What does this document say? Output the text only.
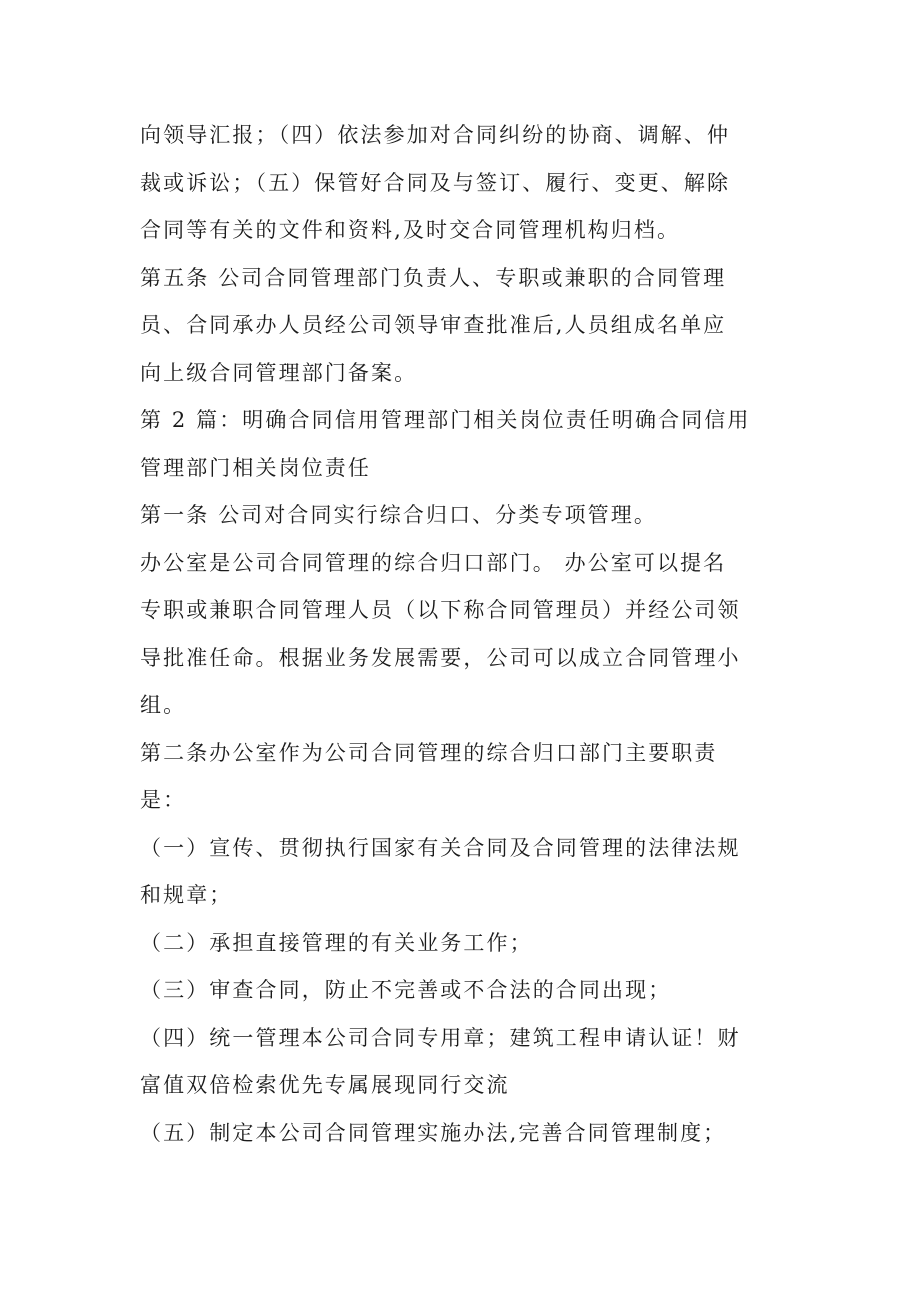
向领导汇报；（四）依法参加对合同纠纷的协商、调解、仲
裁或诉讼；（五）保管好合同及与签订、履行、变更、解除
合同等有关的文件和资料,及时交合同管理机构归档。

第五条 公司合同管理部门负责人、专职或兼职的合同管理
员、合同承办人员经公司领导审查批准后,人员组成名单应
向上级合同管理部门备案。

第 2 篇：明确合同信用管理部门相关岗位责任明确合同信用
管理部门相关岗位责任

第一条 公司对合同实行综合归口、分类专项管理。

办公室是公司合同管理的综合归口部门。 办公室可以提名
专职或兼职合同管理人员（以下称合同管理员）并经公司领
导批准任命。根据业务发展需要，公司可以成立合同管理小
组。

第二条办公室作为公司合同管理的综合归口部门主要职责
是：

（一）宣传、贯彻执行国家有关合同及合同管理的法律法规
和规章；

（二）承担直接管理的有关业务工作；

（三）审查合同，防止不完善或不合法的合同出现；

（四）统一管理本公司合同专用章；建筑工程申请认证！财
富值双倍检索优先专属展现同行交流

（五）制定本公司合同管理实施办法,完善合同管理制度；
